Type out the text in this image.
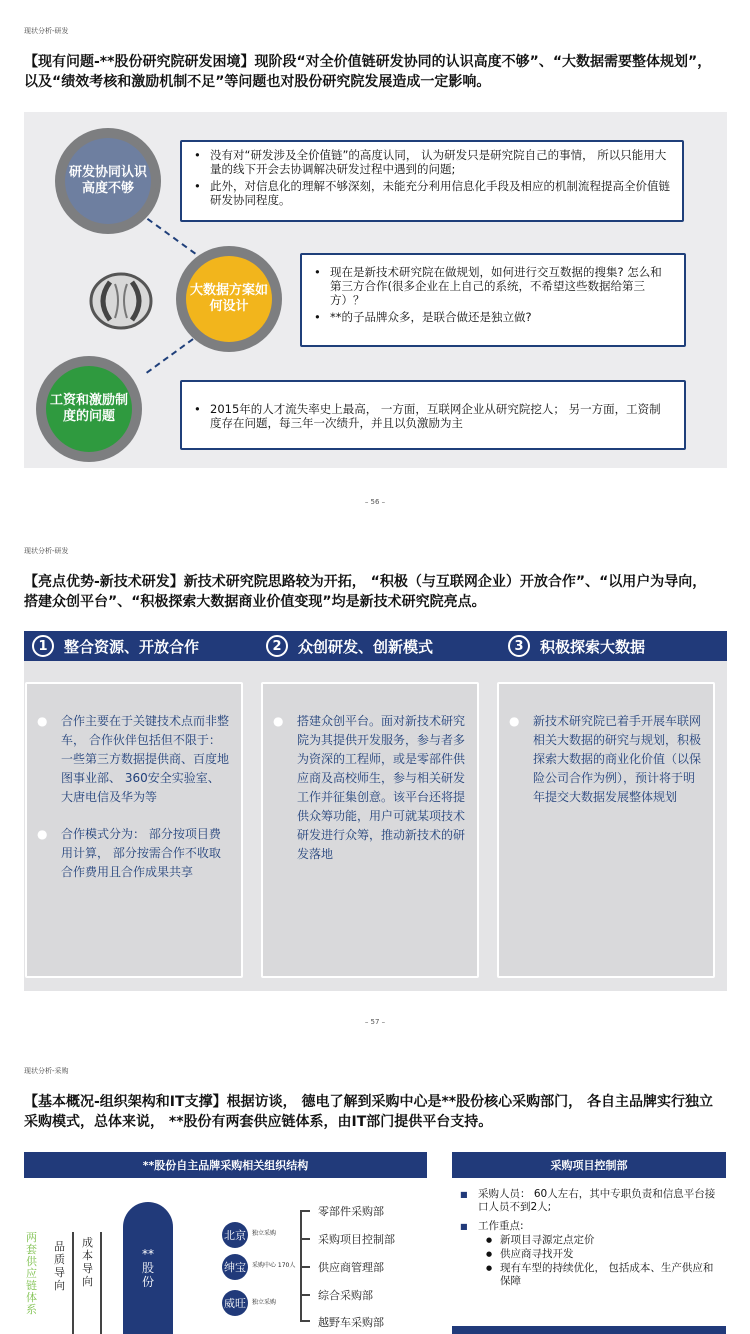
现状分析-研发
【现有问题-**股份研究院研发困境】现阶段“对全价值链研发协同的认识高度不够”、“大数据需要整体规划”， 以及“绩效考核和激励机制不足”等问题也对股份研究院发展造成一定影响。
研发协同认识高度不够
大数据方案如何设计
工资和激励制度的问题
• 没有对“研发涉及全价值链”的高度认同， 认为研发只是研究院自己的事情， 所以只能用大量的线下开会去协调解决研发过程中遇到的问题;
• 此外，对信息化的理解不够深刻，未能充分利用信息化手段及相应的机制流程提高全价值链研发协同程度。
• 现在是新技术研究院在做规划，如何进行交互数据的搜集? 怎么和第三方合作(很多企业在上自己的系统，不希望这些数据给第三方）？
• **的子品牌众多，是联合做还是独立做?
• 2015年的人才流失率史上最高， 一方面，互联网企业从研究院挖人； 另一方面，工资制度存在问题，每三年一次绩升，并且以负激励为主
– 56 –
现状分析-研发
【亮点优势-新技术研发】新技术研究院思路较为开拓， “积极（与互联网企业）开放合作”、“以用户为导向， 搭建众创平台”、“积极探索大数据商业价值变现”均是新技术研究院亮点。
1	整合资源、开放合作	2	众创研发、创新模式	3	积极探索大数据
●	合作主要在于关键技术点而非整车， 合作伙伴包括但不限于： 一些第三方数据提供商、百度地图事业部、 360安全实验室、大唐电信及华为等
●	合作模式分为： 部分按项目费用计算， 部分按需合作不收取合作费用且合作成果共享
●	搭建众创平台。面对新技术研究院为其提供开发服务，参与者多为资深的工程师，或是零部件供应商及高校师生，参与相关研发工作并征集创意。该平台还将提供众筹功能，用户可就某项技术研发进行众筹，推动新技术的研发落地
●	新技术研究院已着手开展车联网相关大数据的研究与规划，积极探索大数据的商业化价值（以保险公司合作为例），预计将于明年提交大数据发展整体规划
– 57 –
现状分析-采购
【基本概况-组织架构和IT支撑】根据访谈， 德电了解到采购中心是**股份核心采购部门， 各自主品牌实行独立采购模式，总体来说， **股份有两套供应链体系，由IT部门提供平台支持。
**股份自主品牌采购相关组织结构	采购项目控制部
两套供应链体系
品质导向
成本导向
**股份
北京	独立采购
绅宝	采购中心 170人
威旺	独立采购
零部件采购部
采购项目控制部
供应商管理部
综合采购部
越野车采购部
■ 采购人员： 60人左右，其中专职负责和信息平台接口人员不到2人;
■ 工作重点:
● 新项目寻源定点定价
● 供应商寻找开发
● 现有车型的持续优化， 包括成本、生产供应和保障
